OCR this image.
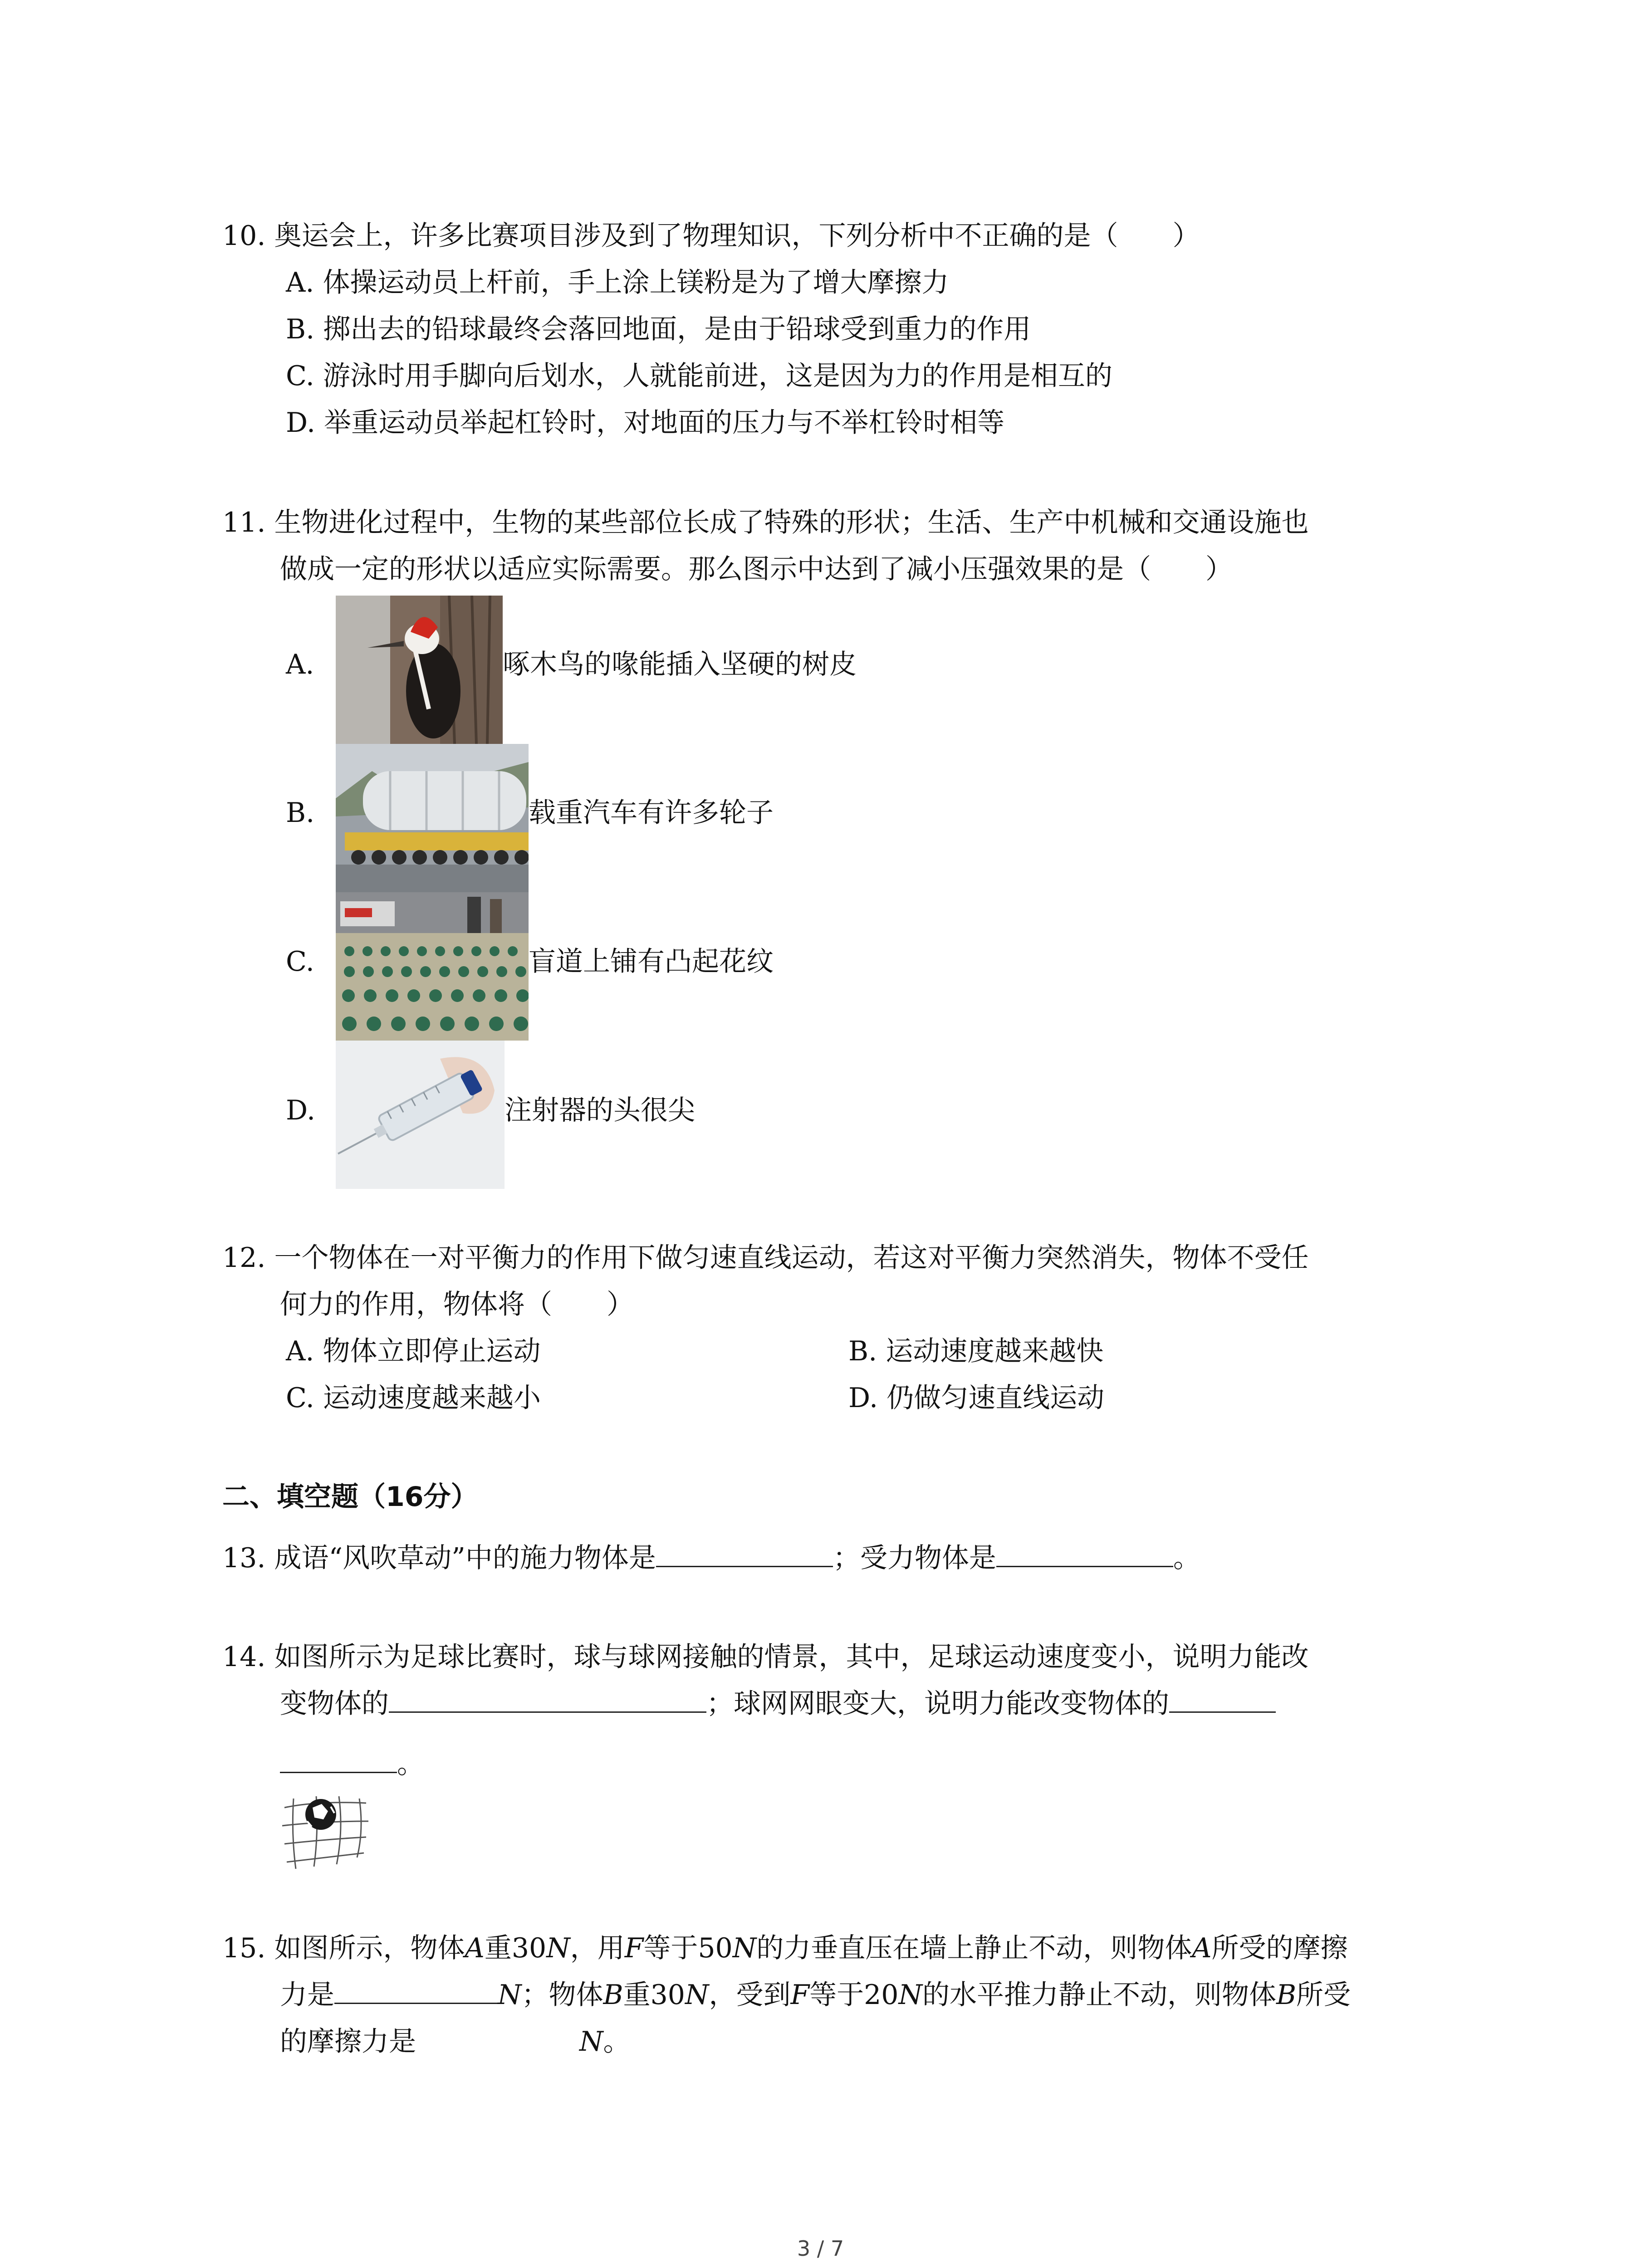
10. 奥运会上，许多比赛项目涉及到了物理知识，下列分析中不正确的是（　　）
A. 体操运动员上杆前，手上涂上镁粉是为了增大摩擦力
B. 掷出去的铅球最终会落回地面，是由于铅球受到重力的作用
C. 游泳时用手脚向后划水，人就能前进，这是因为力的作用是相互的
D. 举重运动员举起杠铃时，对地面的压力与不举杠铃时相等
11. 生物进化过程中，生物的某些部位长成了特殊的形状；生活、生产中机械和交通设施也
做成一定的形状以适应实际需要。那么图示中达到了减小压强效果的是（　　）
A.	啄木鸟的喙能插入坚硬的树皮
B.	载重汽车有许多轮子
C.	盲道上铺有凸起花纹
D.	注射器的头很尖
12. 一个物体在一对平衡力的作用下做匀速直线运动，若这对平衡力突然消失，物体不受任
何力的作用，物体将（　　）
A. 物体立即停止运动	B. 运动速度越来越快
C. 运动速度越来越小	D. 仍做匀速直线运动
二、填空题（16分）
13. 成语“风吹草动”中的施力物体是	；受力物体是	。
14. 如图所示为足球比赛时，球与球网接触的情景，其中，足球运动速度变小，说明力能改
变物体的	；球网网眼变大，说明力能改变物体的
。
15. 如图所示，物体A重30N，用F等于50N的力垂直压在墙上静止不动，则物体A所受的摩擦
力是	N；物体B重30N，受到F等于20N的水平推力静止不动，则物体B所受
的摩擦力是	N。
3 / 7
